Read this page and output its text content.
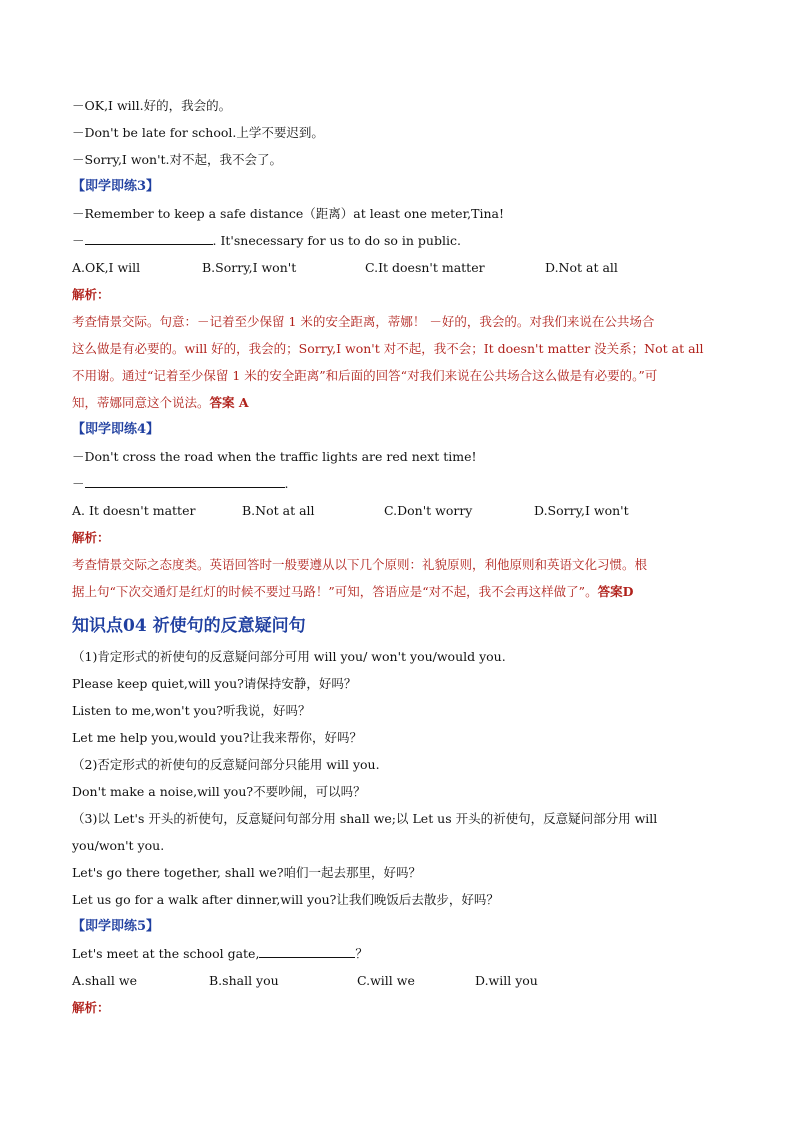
－OK,I will.好的，我会的。
－Don't be late for school.上学不要迟到。
－Sorry,I won't.对不起，我不会了。
【即学即练3】
－Remember to keep a safe distance（距离）at least one meter,Tina!
－	. It'snecessary for us to do so in public.
A.OK,I will	B.Sorry,I won't	C.It doesn't matter	D.Not at all
解析：
考查情景交际。句意：－记着至少保留 1 米的安全距离，蒂娜！ －好的，我会的。对我们来说在公共场合
这么做是有必要的。will 好的，我会的；Sorry,I won't 对不起，我不会；It doesn't matter 没关系；Not at all
不用谢。通过“记着至少保留 1 米的安全距离”和后面的回答“对我们来说在公共场合这么做是有必要的。”可
知，蒂娜同意这个说法。答案 A
【即学即练4】
－Don't cross the road when the traffic lights are red next time!
－	.
A. It doesn't matter	B.Not at all	C.Don't worry	D.Sorry,I won't
解析：
考查情景交际之态度类。英语回答时一般要遵从以下几个原则：礼貌原则，利他原则和英语文化习惯。根
据上句“下次交通灯是红灯的时候不要过马路！”可知，答语应是“对不起，我不会再这样做了”。答案D
知识点04 祈使句的反意疑问句
（1)肯定形式的祈使句的反意疑问部分可用 will you/ won't you/would you.
Please keep quiet,will you?请保持安静，好吗？
Listen to me,won't you?听我说，好吗？
Let me help you,would you?让我来帮你，好吗？
（2)否定形式的祈使句的反意疑问部分只能用 will you.
Don't make a noise,will you?不要吵闹，可以吗？
（3)以 Let's 开头的祈使句，反意疑问句部分用 shall we;以 Let us 开头的祈使句，反意疑问部分用 will
you/won't you.
Let's go there together, shall we?咱们一起去那里，好吗？
Let us go for a walk after dinner,will you?让我们晚饭后去散步，好吗？
【即学即练5】
Let's meet at the school gate,	？
A.shall we	B.shall you	C.will we	D.will you
解析：
